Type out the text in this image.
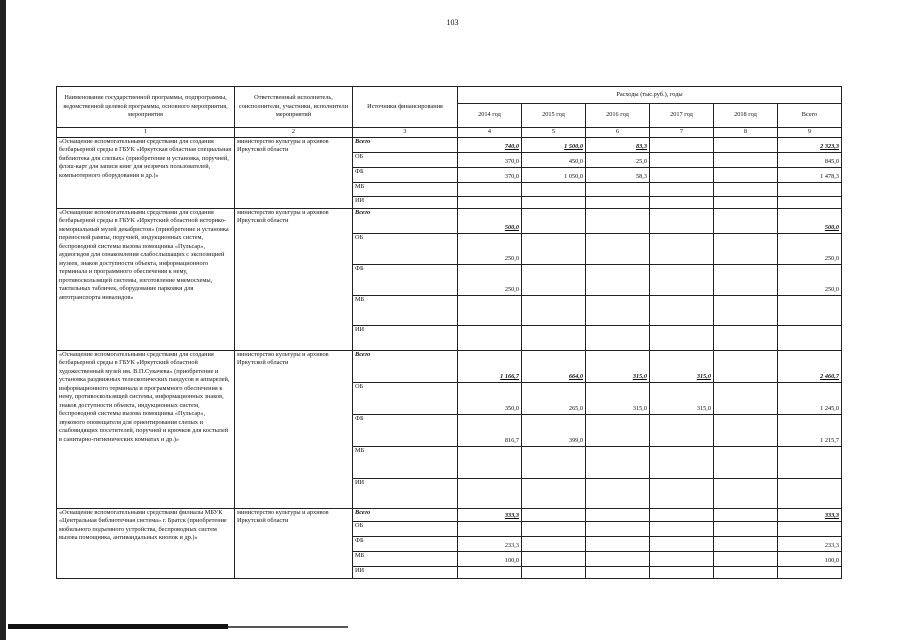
103
Наименование государственной программы, подпрограммы, ведомственной целевой программы, основного мероприятия, мероприятия	Ответственный исполнитель, соисполнители, участники, исполнители мероприятий	Источники финансирования	Расходы (тыс.руб.), годы					
			2014 год	2015 год	2016 год	2017 год	2018 год	Всего
1	2	3	4	5	6	7	8	9
«Оснащение вспомогательными средствами для создания безбарьерной среды в ГБУК «Иркутская областная специальная библиотека для слепых» (приобретение и установка, поручней, флэш-карт для записи книг для незрячих пользователей, компьютерного оборудования и др.)»	министерство культуры и архивов Иркутской области	Всего	740,0	1 500,0	83,3			2 323,3
		ОБ	370,0	450,0	25,0			845,0
		ФБ	370,0	1 050,0	58,3			1 478,3
		МБ						
		ИИ						
«Оснащение вспомогательными средствами для создания безбарьерной среды в ГБУК «Иркутский областной историко-мемориальный музей декабристов» (приобретение и установка переносной рампы, поручней, индукционных систем, беспроводной системы вызова помощника «Пульсар», аудиогидов для ознакомления слабослышащих с экспозицией музеев, знаков доступности объекта, информационного терминала и программного обеспечения к нему, противоскользящей системы, изготовление мнемосхемы, тактильных табличек, оборудование парковки для автотранспорта инвалидов»	министерство культуры и архивов Иркутской области	Всего	500,0					500,0
		ОБ	250,0					250,0
		ФБ	250,0					250,0
		МБ						
		ИИ						
«Оснащение вспомогательными средствами для создания безбарьерной среды в ГБУК «Иркутский областной художественный музей им. В.П.Сукачева» (приобретение и установка раздвижных телескопических пандусов и аппарелей, информационного терминала и программного обеспечения к нему, противоскользящей системы, информационных знаков, знаков доступности объекта, индукционных систем, беспроводной системы вызова помощника «Пульсар», звукового оповещателя для ориентирования слепых и слабовидящих посетителей, поручней и крючков для костылей в санитарно-гигиенических комнатах и др.)»	министерство культуры и архивов Иркутской области	Всего	1 166,7	664,0	315,0	315,0		2 460,7
		ОБ	350,0	265,0	315,0	315,0		1 245,0
		ФБ	816,7	399,0				1 215,7
		МБ						
		ИИ						
«Оснащение вспомогательными средствами филиалы МБУК «Центральная библиотечная система» г. Братск (приобретение мобильного подъемного устройства, беспроводных систем вызова помощника, антивандальных кнопок и др.)»	министерство культуры и архивов Иркутской области	Всего	333,3					333,3
		ОБ						
		ФБ	233,3					233,3
		МБ	100,0					100,0
		ИИ						
